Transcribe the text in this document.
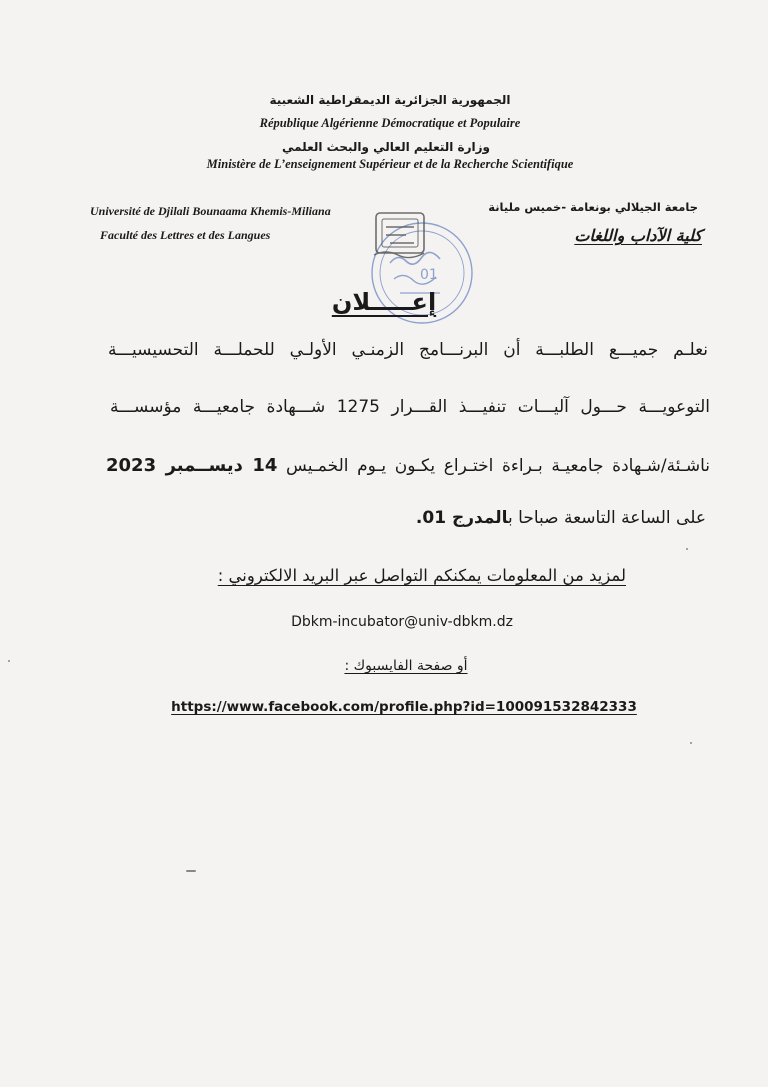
الجمهورية الجزائرية الديمقراطية الشعبية
République Algérienne Démocratique et Populaire
وزارة التعليم العالي والبحث العلمي
Ministère de L’enseignement Supérieur et de la Recherche Scientifique
Université de Djilali Bounaama Khemis-Miliana
Faculté des Lettres et des Langues
جامعة الجيلالي بونعامة -خميس مليانة
كلية الآداب واللغات
01
إعـــــلان
نعلـم جميـــع الطلبـــة أن البرنـــامج الزمنـي الأولـي للحملـــة التحسيسيـــة
التوعويـــة حـــول آليـــات تنفيـــذ القـــرار 1275 شـــهادة جامعيـــة مؤسســـة
ناشـئة/شـهادة جامعيـة بـراءة اختـراع يكـون يـوم الخمـيس 14 ديســمبر 2023
على الساعة التاسعة صباحا بالمدرج 01.
لمزيد من المعلومات يمكنكم التواصل عبر البريد الالكتروني :
Dbkm-incubator@univ-dbkm.dz
أو صفحة الفايسبوك :
https://www.facebook.com/profile.php?id=100091532842333
